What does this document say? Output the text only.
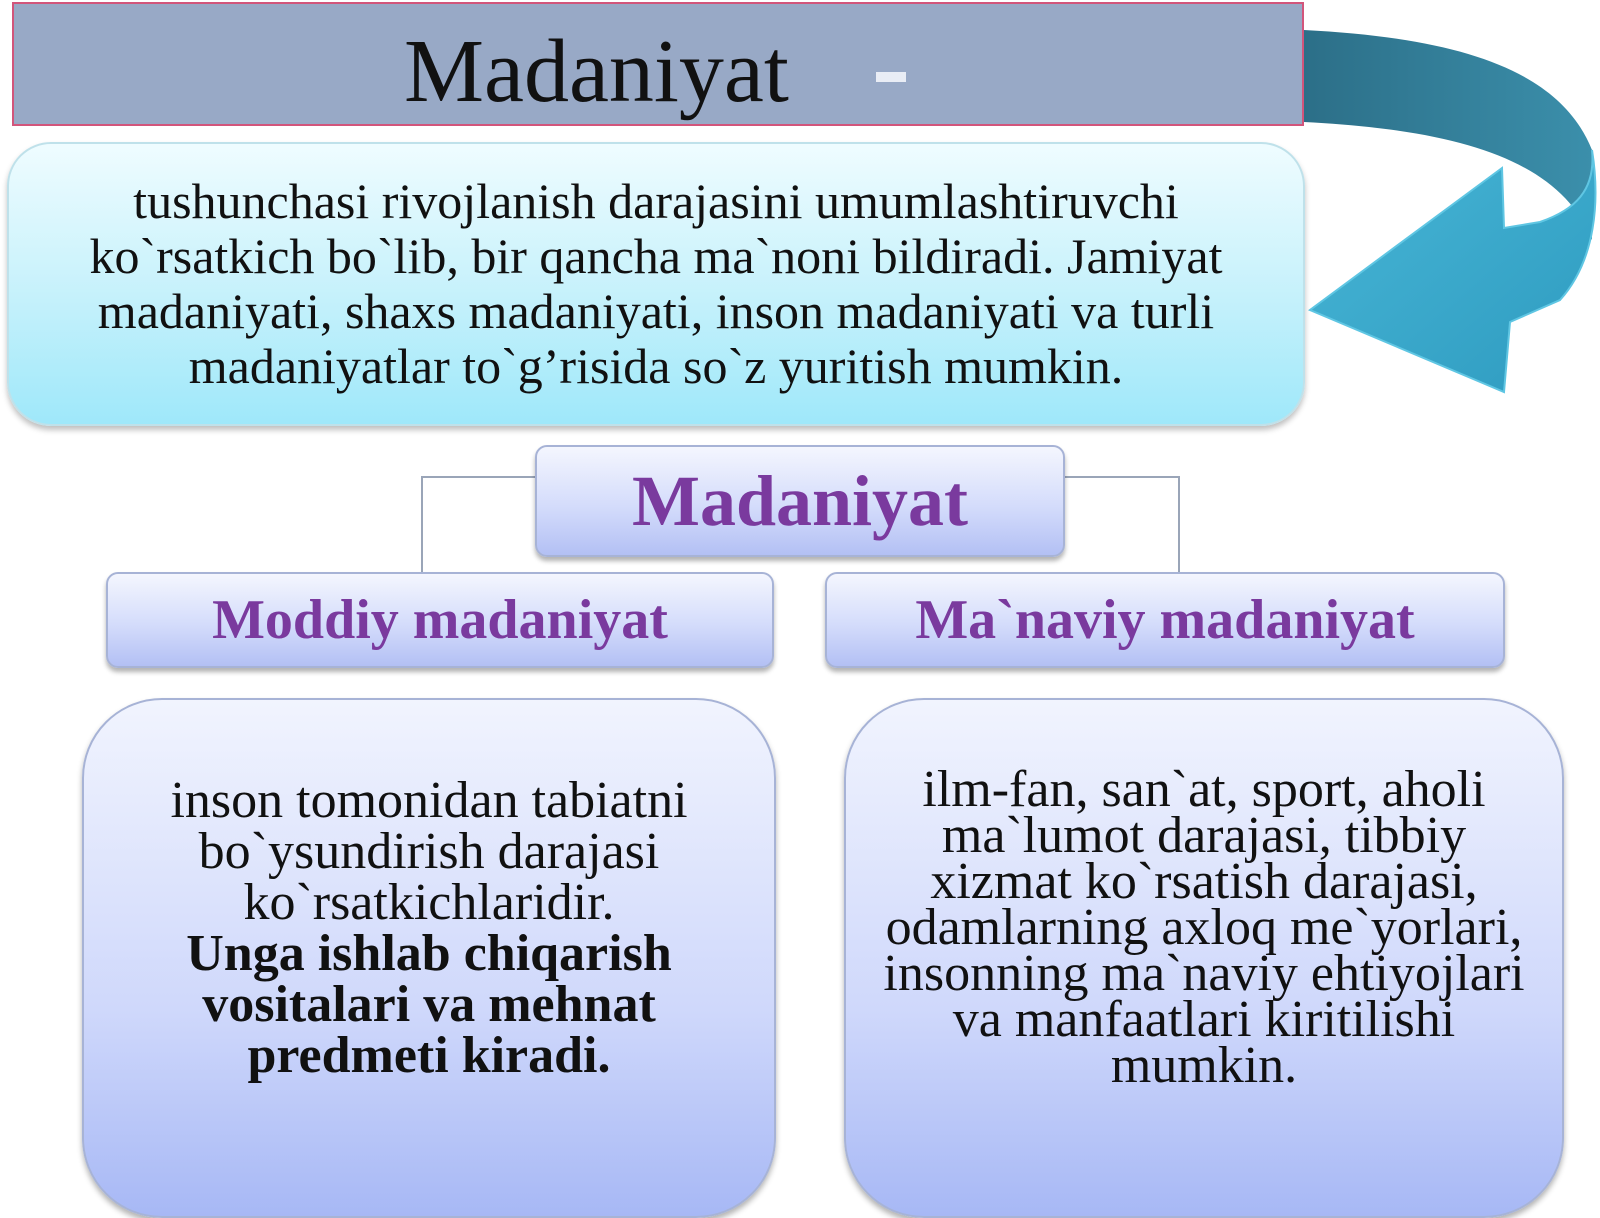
Madaniyat

tushunchasi rivojlanish darajasini umumlashtiruvchi ko`rsatkich bo`lib, bir qancha ma`noni bildiradi. Jamiyat madaniyati, shaxs madaniyati, inson madaniyati va turli madaniyatlar to`g’risida so`z yuritish mumkin.

Madaniyat
Moddiy madaniyat	Ma`naviy madaniyat

inson tomonidan tabiatni bo`ysundirish darajasi ko`rsatkichlaridir.

Unga ishlab chiqarish vositalari va mehnat predmeti kiradi.

ilm-fan, san`at, sport, aholi ma`lumot darajasi, tibbiy xizmat ko`rsatish darajasi, odamlarning axloq me`yorlari, insonning ma`naviy ehtiyojlari va manfaatlari kiritilishi mumkin.
